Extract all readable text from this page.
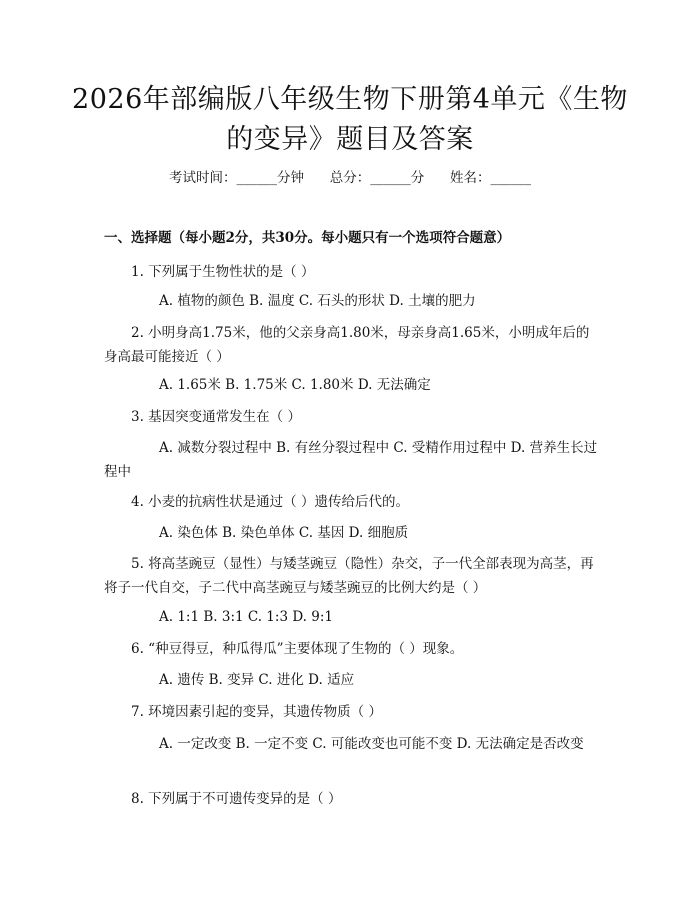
2026年部编版八年级生物下册第4单元《生物的变异》题目及答案
考试时间：______分钟      总分：______分      姓名：______
一、选择题（每小题2分，共30分。每小题只有一个选项符合题意）

1. 下列属于生物性状的是（ ）

A. 植物的颜色 B. 温度 C. 石头的形状 D. 土壤的肥力

2. 小明身高1.75米，他的父亲身高1.80米，母亲身高1.65米，小明成年后的身高最可能接近（ ）

A. 1.65米 B. 1.75米 C. 1.80米 D. 无法确定

3. 基因突变通常发生在（ ）

A. 减数分裂过程中 B. 有丝分裂过程中 C. 受精作用过程中 D. 营养生长过程中

4. 小麦的抗病性状是通过（ ）遗传给后代的。

A. 染色体 B. 染色单体 C. 基因 D. 细胞质

5. 将高茎豌豆（显性）与矮茎豌豆（隐性）杂交，子一代全部表现为高茎，再将子一代自交，子二代中高茎豌豆与矮茎豌豆的比例大约是（ ）

A. 1:1 B. 3:1 C. 1:3 D. 9:1

6. “种豆得豆，种瓜得瓜”主要体现了生物的（ ）现象。

A. 遗传 B. 变异 C. 进化 D. 适应

7. 环境因素引起的变异，其遗传物质（ ）

A. 一定改变 B. 一定不变 C. 可能改变也可能不变 D. 无法确定是否改变

8. 下列属于不可遗传变异的是（ ）
